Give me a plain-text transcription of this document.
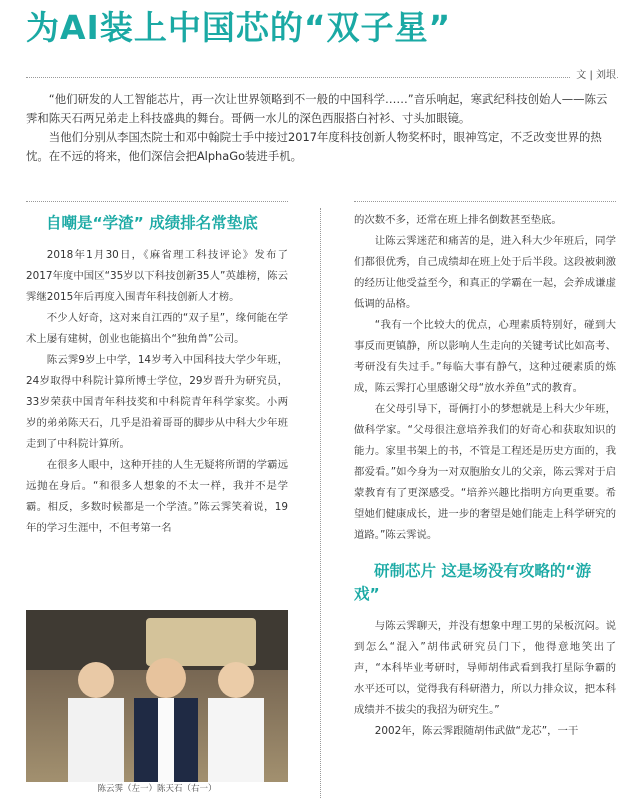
为AI装上中国芯的“双子星”
文 | 刘垠

“他们研发的人工智能芯片，再一次让世界领略到不一般的中国科学……”音乐响起，寒武纪科技创始人——陈云霁和陈天石两兄弟走上科技盛典的舞台。哥俩一水儿的深色西服搭白衬衫、寸头加眼镜。

当他们分别从李国杰院士和邓中翰院士手中接过2017年度科技创新人物奖杯时，眼神笃定，不乏改变世界的热忱。在不远的将来，他们深信会把AlphaGo装进手机。

自嘲是“学渣” 成绩排名常垫底

2018年1月30日，《麻省理工科技评论》发布了2017年度中国区“35岁以下科技创新35人”英雄榜，陈云霁继2015年后再度入围青年科技创新人才榜。

不少人好奇，这对来自江西的“双子星”，缘何能在学术上屡有建树，创业也能搞出个“独角兽”公司。

陈云霁9岁上中学，14岁考入中国科技大学少年班，24岁取得中科院计算所博士学位，29岁晋升为研究员，33岁荣获中国青年科技奖和中科院青年科学家奖。小两岁的弟弟陈天石，几乎是沿着哥哥的脚步从中科大少年班走到了中科院计算所。

在很多人眼中，这种开挂的人生无疑将所谓的学霸远远抛在身后。“和很多人想象的不太一样，我并不是学霸。相反，多数时候都是一个学渣。”陈云霁笑着说，19年的学习生涯中，不但考第一名

陈云霁（左一）陈天石（右一）

的次数不多，还常在班上排名倒数甚至垫底。

让陈云霁迷茫和痛苦的是，进入科大少年班后，同学们都很优秀，自己成绩却在班上处于后半段。这段被刺激的经历让他受益至今，和真正的学霸在一起，会养成谦虚低调的品格。

“我有一个比较大的优点，心理素质特别好，碰到大事反而更镇静，所以影响人生走向的关键考试比如高考、考研没有失过手。”每临大事有静气，这种过硬素质的炼成，陈云霁打心里感谢父母“放水养鱼”式的教育。

在父母引导下，哥俩打小的梦想就是上科大少年班，做科学家。“父母很注意培养我们的好奇心和获取知识的能力。家里书架上的书，不管是工程还是历史方面的，我都爱看。”如今身为一对双胞胎女儿的父亲，陈云霁对于启蒙教育有了更深感受。“培养兴趣比指明方向更重要。希望她们健康成长，进一步的奢望是她们能走上科学研究的道路。”陈云霁说。

研制芯片 这是场没有攻略的“游戏”

与陈云霁聊天，并没有想象中理工男的呆板沉闷。说到怎么“混入”胡伟武研究员门下，他得意地笑出了声，“本科毕业考研时，导师胡伟武看到我打星际争霸的水平还可以，觉得我有科研潜力，所以力排众议，把本科成绩并不拔尖的我招为研究生。”

2002年，陈云霁跟随胡伟武做“龙芯”，一干
